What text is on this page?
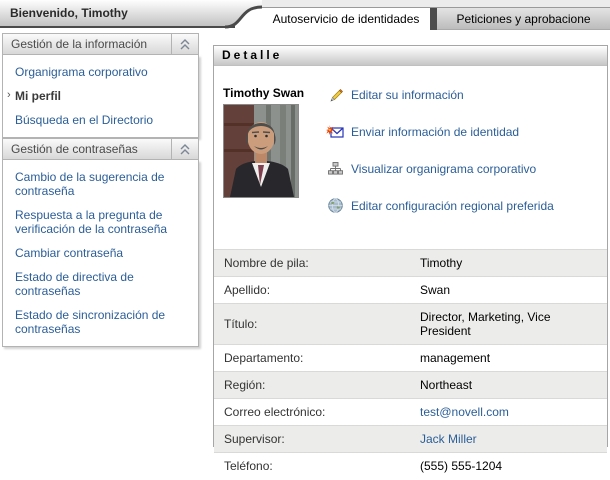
Autoservicio de identidades	Peticiones y aprobacione
Bienvenido, Timothy
Gestión de la información
Organigrama corporativo
› Mi perfil
Búsqueda en el Directorio
Gestión de contraseñas
Cambio de la sugerencia de contraseña
Respuesta a la pregunta de verificación de la contraseña
Cambiar contraseña
Estado de directiva de contraseñas
Estado de sincronización de contraseñas
Detalle
Timothy Swan	Editar su información
Enviar información de identidad
Visualizar organigrama corporativo
Editar configuración regional preferida
Nombre de pila:	Timothy
Apellido:	Swan
Título:	Director, Marketing, Vice President
Departamento:	management
Región:	Northeast
Correo electrónico:	test@novell.com
Supervisor:	Jack Miller
Teléfono:	(555) 555-1204
